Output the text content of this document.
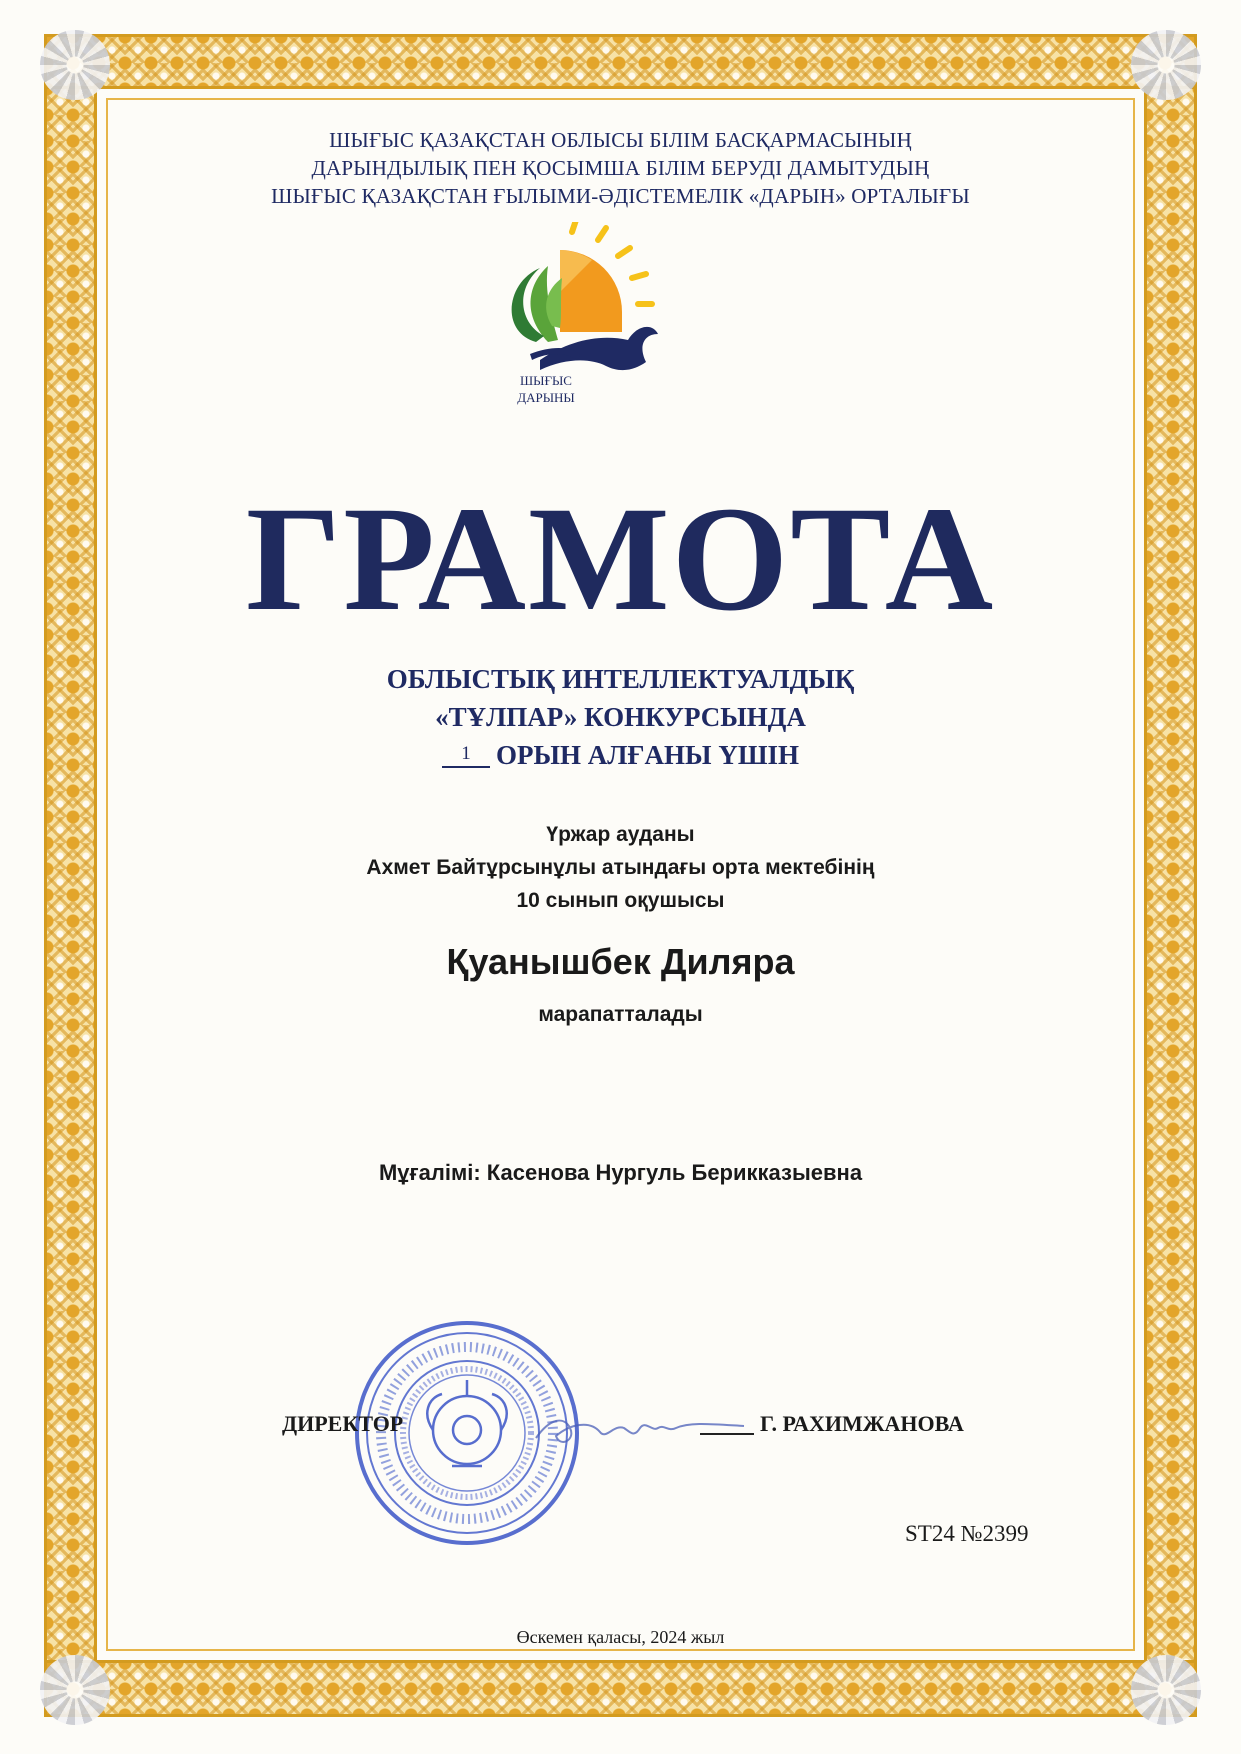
ШЫҒЫС ҚАЗАҚСТАН ОБЛЫСЫ БІЛІМ БАСҚАРМАСЫНЫҢ
ДАРЫНДЫЛЫҚ ПЕН ҚОСЫМША БІЛІМ БЕРУДІ ДАМЫТУДЫҢ
ШЫҒЫС ҚАЗАҚСТАН ҒЫЛЫМИ-ӘДІСТЕМЕЛІК «ДАРЫН» ОРТАЛЫҒЫ
ШЫҒЫС
ДАРЫНЫ
ГРАМОТА
ОБЛЫСТЫҚ ИНТЕЛЛЕКТУАЛДЫҚ
«ТҰЛПАР» КОНКУРСЫНДА
1 ОРЫН АЛҒАНЫ ҮШІН
Үржар ауданы
Ахмет Байтұрсынұлы атындағы орта мектебінің
10 сынып оқушысы
Қуанышбек Диляра
марапатталады
Мұғалімі: Касенова Нургуль Берикказыевна
ДИРЕКТОР	Г. РАХИМЖАНОВА
ST24 №2399
Өскемен қаласы, 2024 жыл
